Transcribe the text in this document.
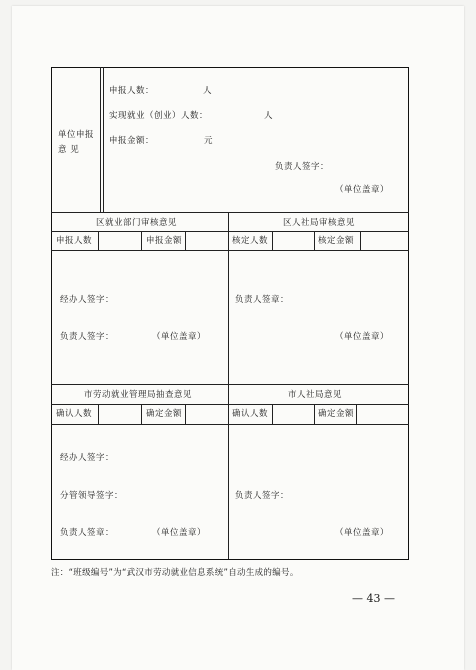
单位申报
意 见
申报人数：	人
实现就业（创业）人数：	人
申报金额：	元
负责人签字：
（单位盖章）
区就业部门审核意见	区人社局审核意见
申报人数	申报金额	核定人数	核定金额
经办人签字：
负责人签字：	（单位盖章）
负责人签章：
（单位盖章）
市劳动就业管理局抽查意见	市人社局意见
确认人数	确定金额	确认人数	确定金额
经办人签字：
分管领导签字：
负责人签章：	（单位盖章）
负责人签字：
（单位盖章）
注：“班级编号”为“武汉市劳动就业信息系统”自动生成的编号。
— 43 —
